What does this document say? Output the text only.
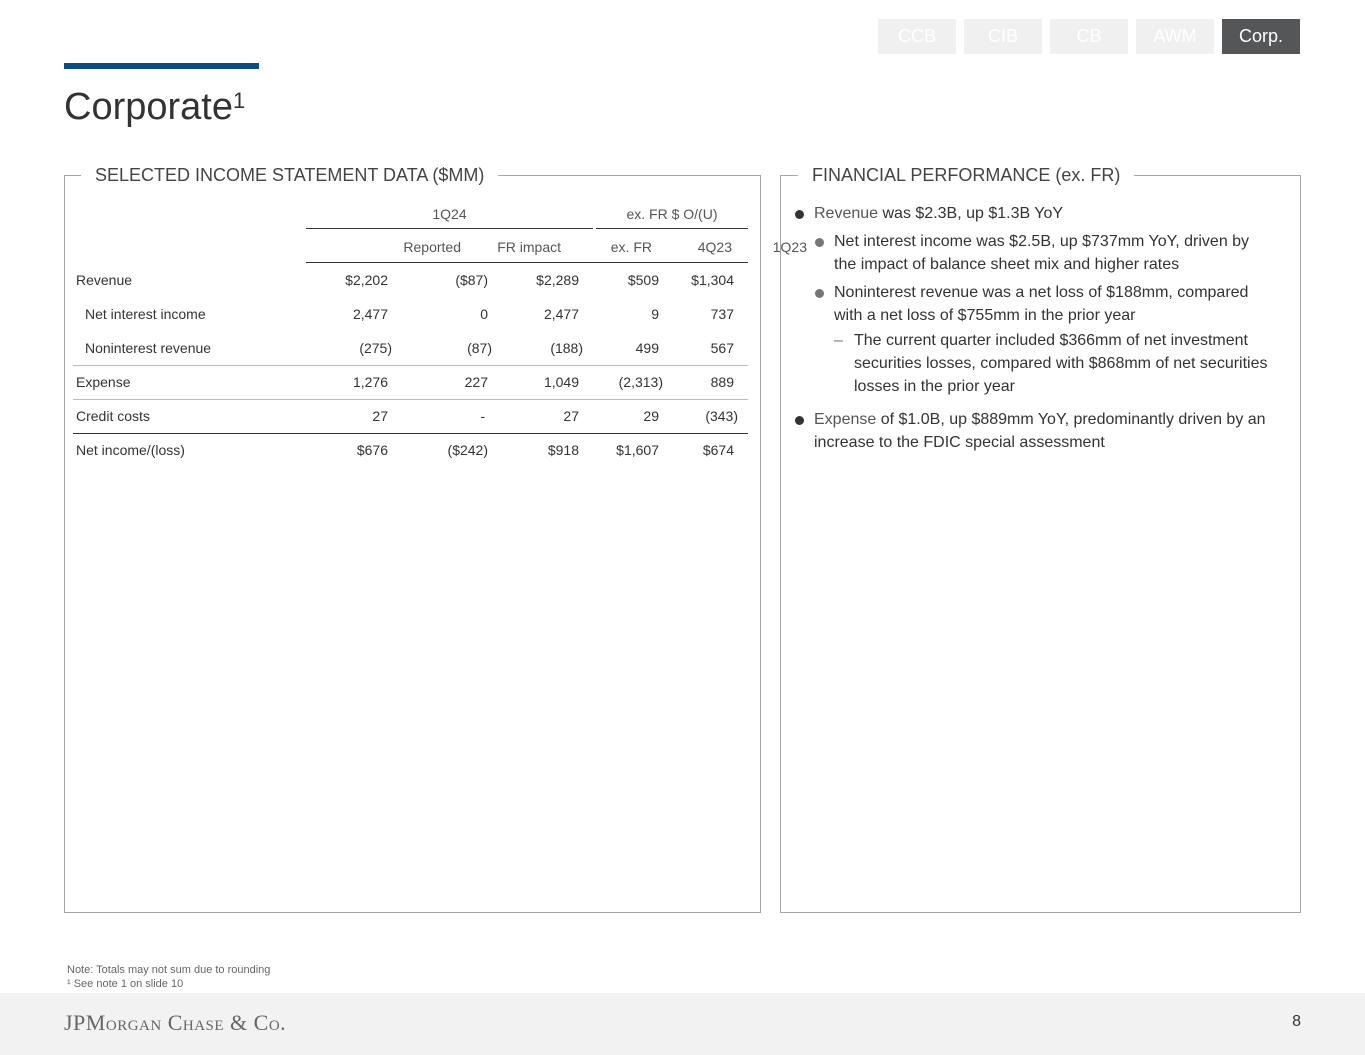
CCB	CIB	CB	AWM	Corp.
Corporate$^1$
SELECTED INCOME STATEMENT DATA ($MM)
1Q24	ex. FR $ O/(U)
Reported	FR impact	ex. FR	4Q23	1Q23
Revenue	$2,202	($87)	$2,289	$509 $1,304
Net interest income	2,477	0	2,477	9	737
Noninterest revenue	(275)	(87)	(188)	499	567
Expense	1,276	227	1,049	(2,313)	889
Credit costs	27	-	27	29	(343)
Net income/(loss)	$676	($242)	$918	$1,607	$674
FINANCIAL PERFORMANCE (ex. FR)
Revenue was $2.3B, up $1.3B YoY
Net interest income was $2.5B, up $737mm YoY, driven by the impact of balance sheet mix and higher rates
Noninterest revenue was a net loss of $188mm, compared with a net loss of $755mm in the prior year
– The current quarter included $366mm of net investment securities losses, compared with $868mm of net securities losses in the prior year
Expense of $1.0B, up $889mm YoY, predominantly driven by an increase to the FDIC special assessment
Note: Totals may not sum due to rounding
¹ See note 1 on slide 10
JPMorgan Chase & Co.	8
